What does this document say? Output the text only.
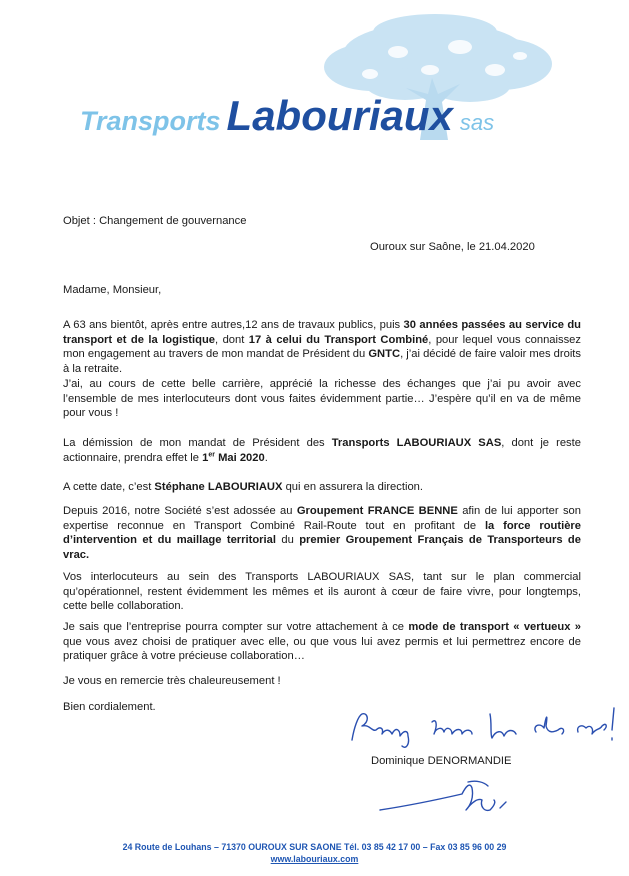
Transports Labouriaux sas
Objet : Changement de gouvernance
Ouroux sur Saône, le 21.04.2020
Madame, Monsieur,
A 63 ans bientôt, après entre autres,12 ans de travaux publics, puis 30 années passées au service du transport et de la logistique, dont 17 à celui du Transport Combiné, pour lequel vous connaissez mon engagement au travers de mon mandat de Président du GNTC, j’ai décidé de faire valoir mes droits à la retraite.
J’ai, au cours de cette belle carrière, apprécié la richesse des échanges que j’ai pu avoir avec l’ensemble de mes interlocuteurs dont vous faites évidemment partie… J’espère qu’il en va de même pour vous !
La démission de mon mandat de Président des Transports LABOURIAUX SAS, dont je reste actionnaire, prendra effet le 1er Mai 2020.
A cette date, c’est Stéphane LABOURIAUX qui en assurera la direction.
Depuis 2016, notre Société s’est adossée au Groupement FRANCE BENNE afin de lui apporter son expertise reconnue en Transport Combiné Rail-Route tout en profitant de la force routière d’intervention et du maillage territorial du premier Groupement Français de Transporteurs de vrac.
Vos interlocuteurs au sein des Transports LABOURIAUX SAS, tant sur le plan commercial qu’opérationnel, restent évidemment les mêmes et ils auront à cœur de faire vivre, pour longtemps, cette belle collaboration.
Je sais que l’entreprise pourra compter sur votre attachement à ce mode de transport « vertueux » que vous avez choisi de pratiquer avec elle, ou que vous lui avez permis et lui permettrez encore de pratiquer grâce à votre précieuse collaboration…
Je vous en remercie très chaleureusement !
Bien cordialement.
Dominique DENORMANDIE
24 Route de Louhans – 71370 OUROUX SUR SAONE Tél. 03 85 42 17 00 – Fax 03 85 96 00 29
www.labouriaux.com
